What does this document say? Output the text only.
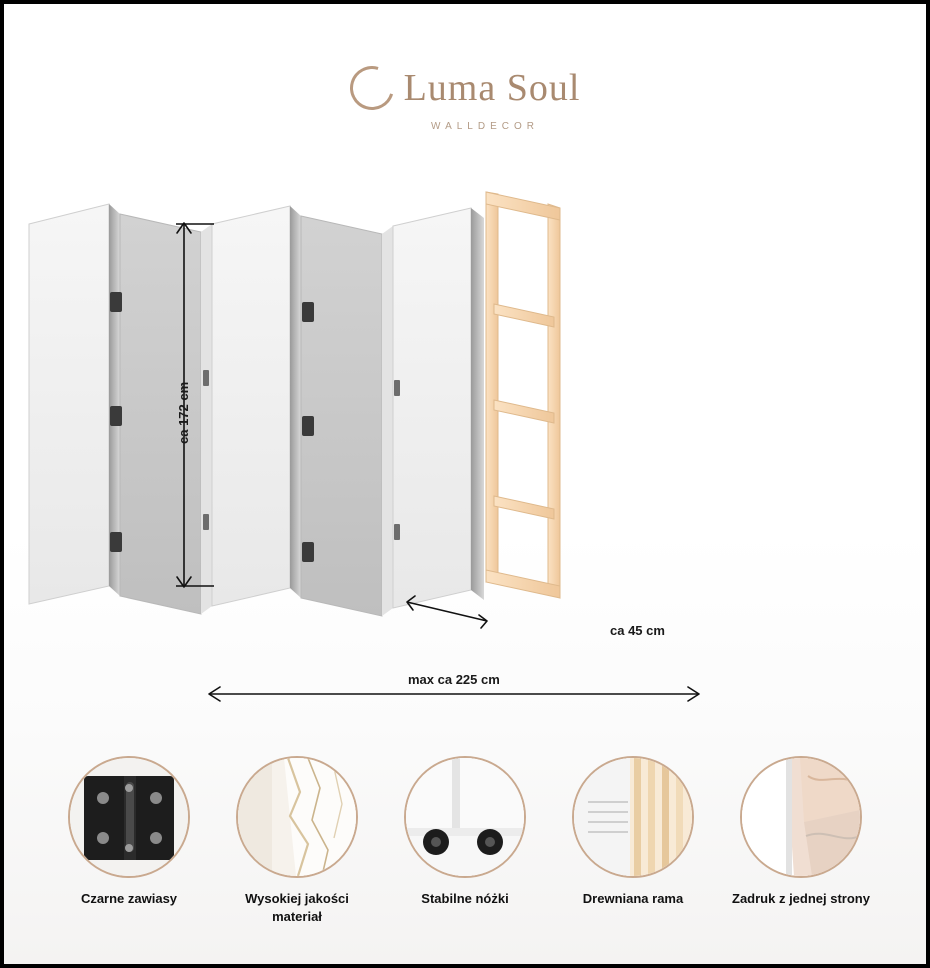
Luma Soul
WALLDECOR
ca 172 cm
max ca 225 cm
ca 45 cm
Czarne zawiasy	Wysokiej jakości materiał
Stabilne nóżki	Drewniana rama	Zadruk z jednej strony
